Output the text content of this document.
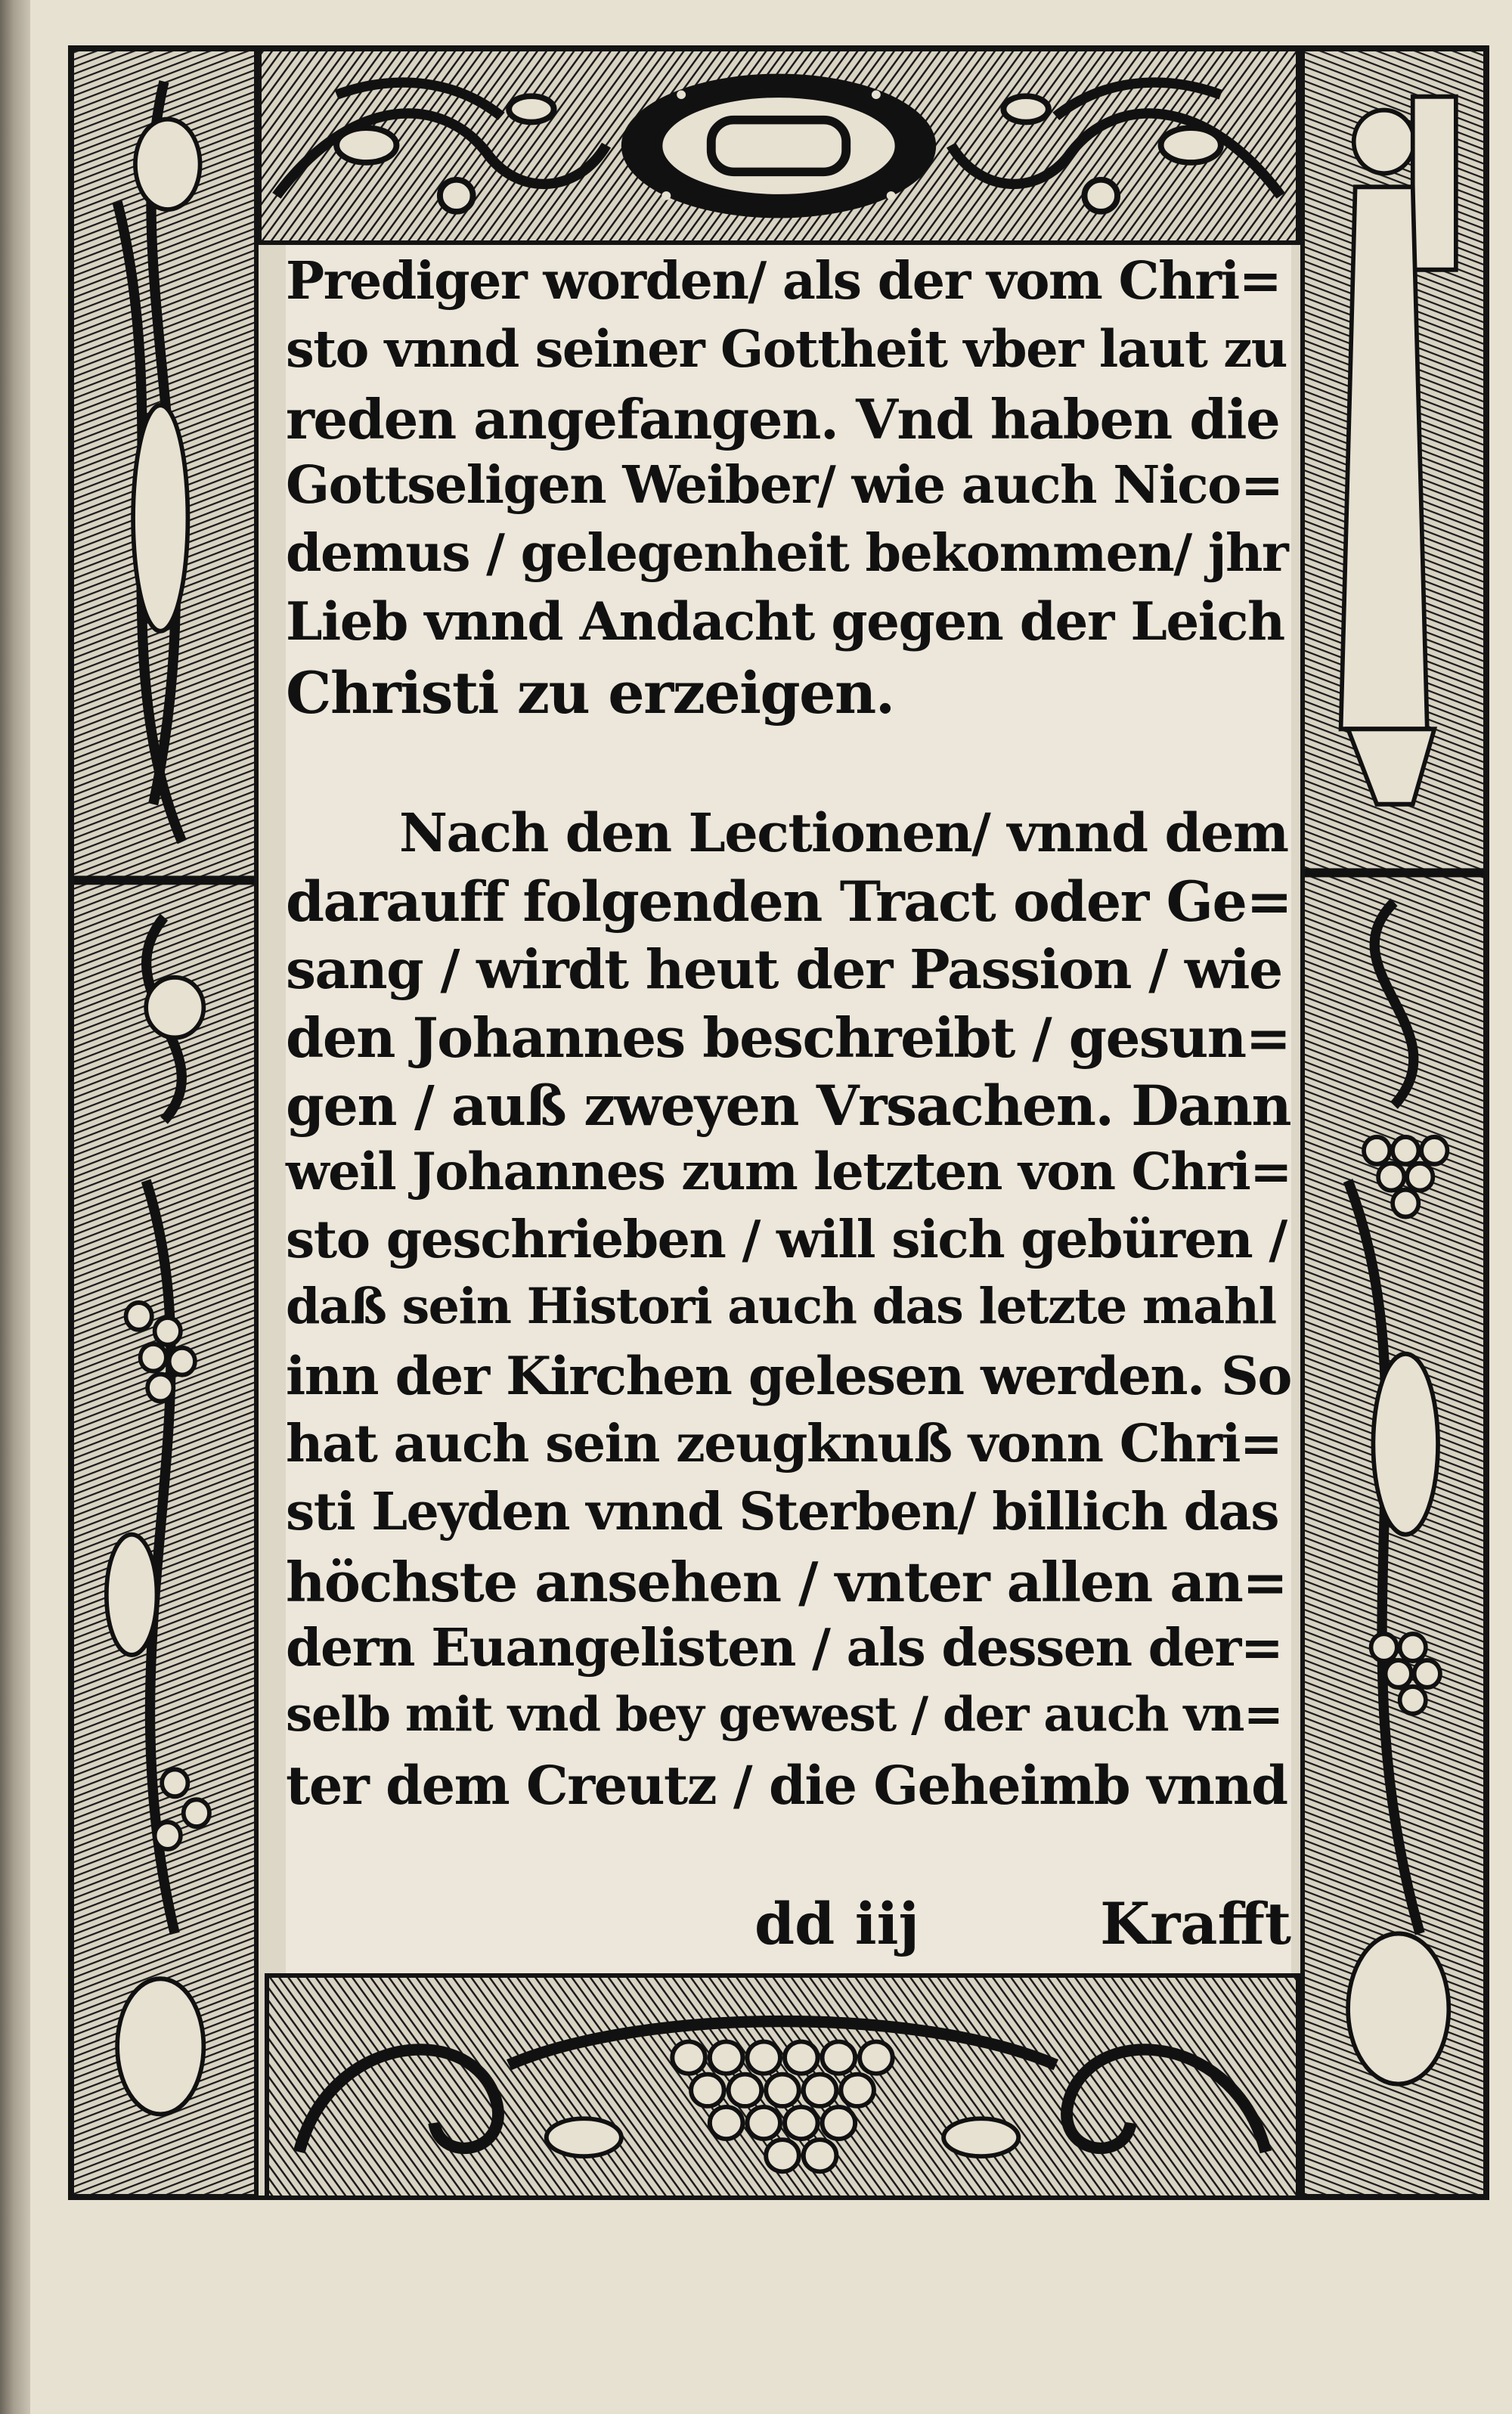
Prediger worden/ als der vom Chri=
sto vnnd seiner Gottheit vber laut zu
reden angefangen. Vnd haben die
Gottseligen Weiber/ wie auch Nico=
demus / gelegenheit bekommen/ jhr
Lieb vnnd Andacht gegen der Leich
Christi zu erzeigen.
Nach den Lectionen/ vnnd dem
darauff folgenden Tract oder Ge=
sang / wirdt heut der Passion / wie
den Johannes beschreibt / gesun=
gen / auß zweyen Vrsachen. Dann
weil Johannes zum letzten von Chri=
sto geschrieben / will sich gebüren /
daß sein Histori auch das letzte mahl
inn der Kirchen gelesen werden. So
hat auch sein zeugknuß vonn Chri=
sti Leyden vnnd Sterben/ billich das
höchste ansehen / vnter allen an=
dern Euangelisten / als dessen der=
selb mit vnd bey gewest / der auch vn=
ter dem Creutz / die Geheimb vnnd
dd iij	Krafft
